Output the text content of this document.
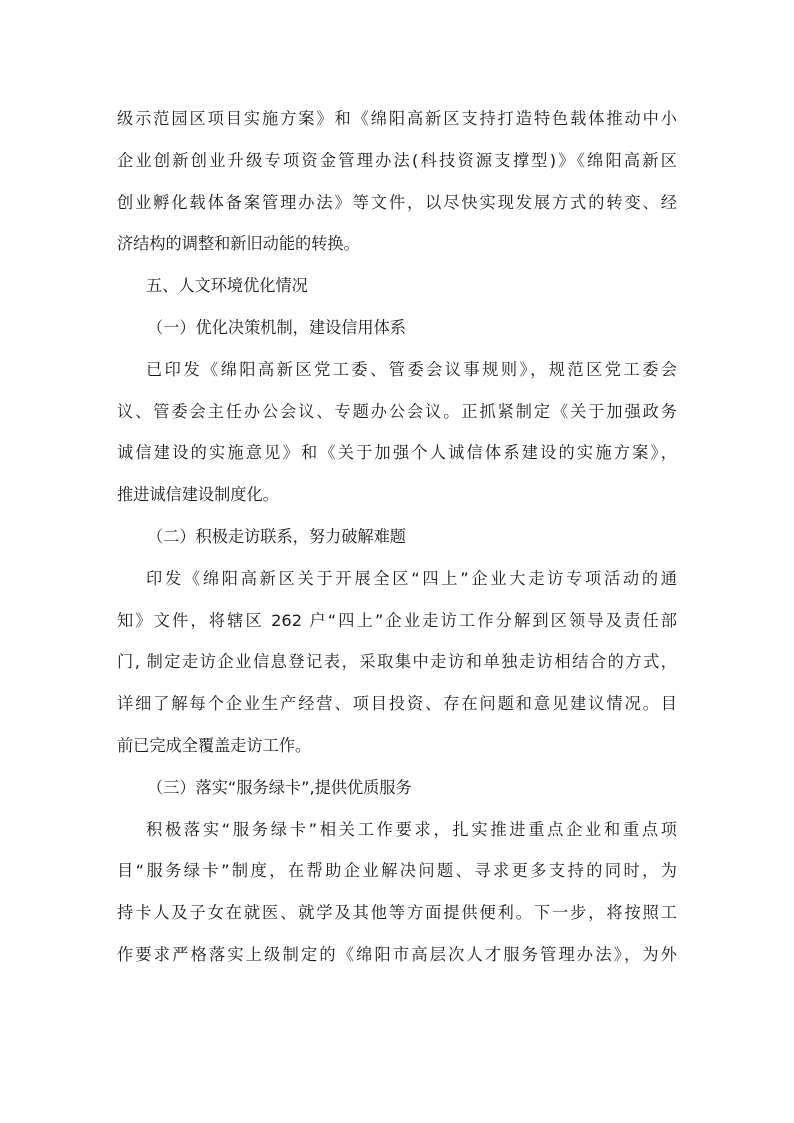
级示范园区项目实施方案》和《绵阳高新区支持打造特色载体推动中小
企业创新创业升级专项资金管理办法(科技资源支撑型)》《绵阳高新区
创业孵化载体备案管理办法》等文件，以尽快实现发展方式的转变、经
济结构的调整和新旧动能的转换。
五、人文环境优化情况
（一）优化决策机制，建设信用体系
已印发《绵阳高新区党工委、管委会议事规则》，规范区党工委会
议、管委会主任办公会议、专题办公会议。正抓紧制定《关于加强政务
诚信建设的实施意见》和《关于加强个人诚信体系建设的实施方案》，
推进诚信建设制度化。
（二）积极走访联系，努力破解难题
印发《绵阳高新区关于开展全区“四上”企业大走访专项活动的通
知》文件，将辖区 262 户“四上”企业走访工作分解到区领导及责任部
门, 制定走访企业信息登记表，采取集中走访和单独走访相结合的方式，
详细了解每个企业生产经营、项目投资、存在问题和意见建议情况。目
前已完成全覆盖走访工作。
（三）落实“服务绿卡”,提供优质服务
积极落实“服务绿卡”相关工作要求，扎实推进重点企业和重点项
目“服务绿卡”制度，在帮助企业解决问题、寻求更多支持的同时，为
持卡人及子女在就医、就学及其他等方面提供便利。下一步，将按照工
作要求严格落实上级制定的《绵阳市高层次人才服务管理办法》，为外
